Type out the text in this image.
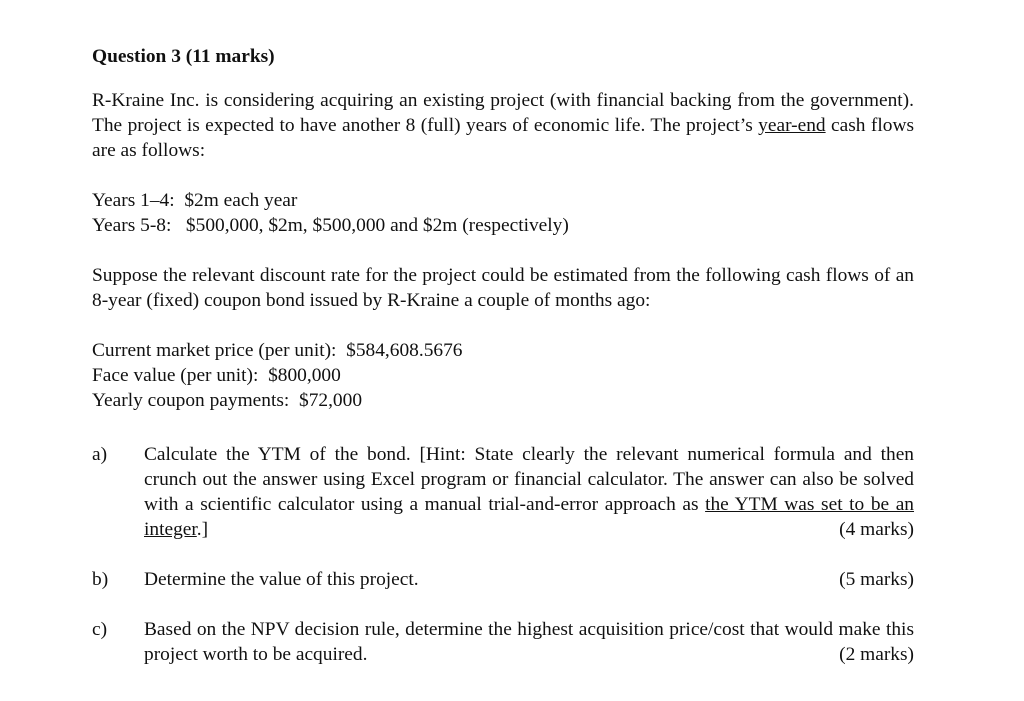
Question 3 (11 marks)

R-Kraine Inc. is considering acquiring an existing project (with financial backing from the government). The project is expected to have another 8 (full) years of economic life. The project’s year-end cash flows are as follows:

Years 1–4: $2m each year
Years 5-8: $500,000, $2m, $500,000 and $2m (respectively)

Suppose the relevant discount rate for the project could be estimated from the following cash flows of an 8-year (fixed) coupon bond issued by R-Kraine a couple of months ago:

Current market price (per unit): $584,608.5676
Face value (per unit): $800,000
Yearly coupon payments: $72,000
a) Calculate the YTM of the bond. [Hint: State clearly the relevant numerical formula and then crunch out the answer using Excel program or financial calculator. The answer can also be solved with a scientific calculator using a manual trial-and-error approach as the YTM was set to be an integer.]	(4 marks)
b)	(5 marks)
Determine the value of this project.
c) Based on the NPV decision rule, determine the highest acquisition price/cost that would make this project worth to be acquired.	(2 marks)
